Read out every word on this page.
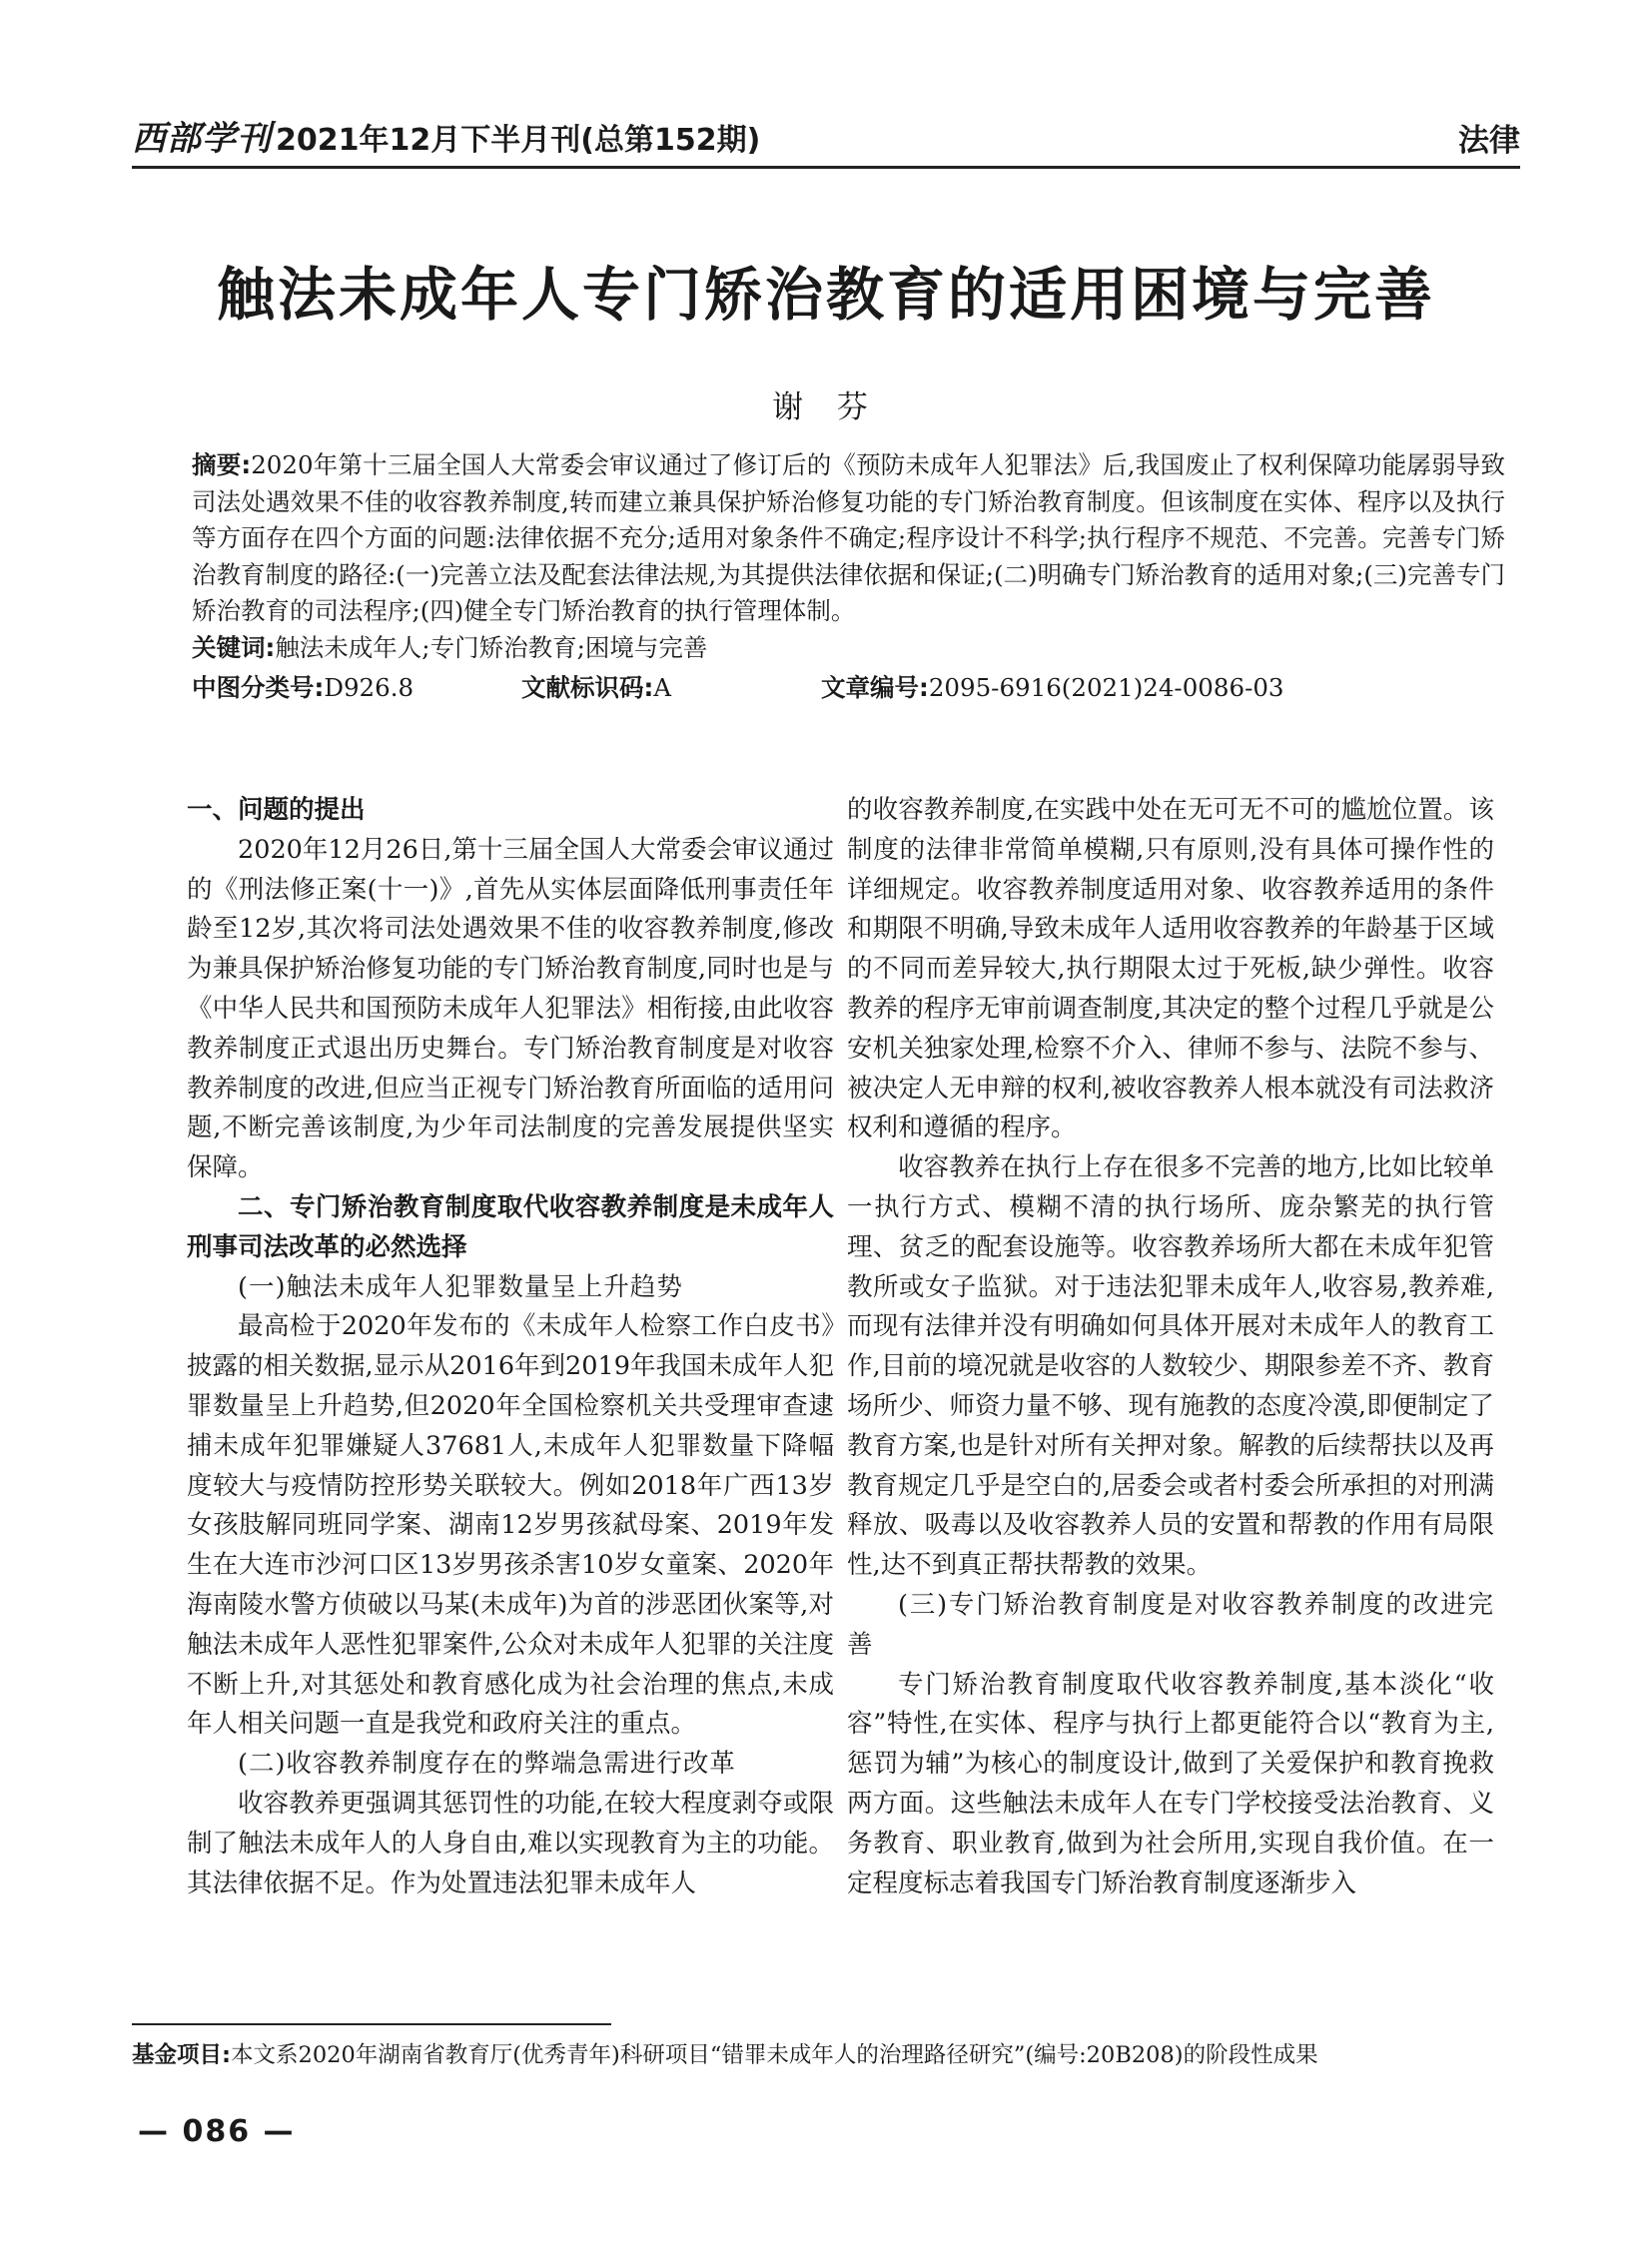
西部学刊 2021年12月下半月刊(总第152期)	法律
触法未成年人专门矫治教育的适用困境与完善
谢 芬

摘要:2020年第十三届全国人大常委会审议通过了修订后的《预防未成年人犯罪法》后,我国废止了权利保障功能孱弱导致司法处遇效果不佳的收容教养制度,转而建立兼具保护矫治修复功能的专门矫治教育制度。但该制度在实体、程序以及执行等方面存在四个方面的问题:法律依据不充分;适用对象条件不确定;程序设计不科学;执行程序不规范、不完善。完善专门矫治教育制度的路径:(一)完善立法及配套法律法规,为其提供法律依据和保证;(二)明确专门矫治教育的适用对象;(三)完善专门矫治教育的司法程序;(四)健全专门矫治教育的执行管理体制。

关键词:触法未成年人;专门矫治教育;困境与完善

中图分类号:D926.8	文献标识码:A	文章编号:2095-6916(2021)24-0086-03

一、问题的提出

2020年12月26日,第十三届全国人大常委会审议通过的《刑法修正案(十一)》,首先从实体层面降低刑事责任年龄至12岁,其次将司法处遇效果不佳的收容教养制度,修改为兼具保护矫治修复功能的专门矫治教育制度,同时也是与《中华人民共和国预防未成年人犯罪法》相衔接,由此收容教养制度正式退出历史舞台。专门矫治教育制度是对收容教养制度的改进,但应当正视专门矫治教育所面临的适用问题,不断完善该制度,为少年司法制度的完善发展提供坚实保障。

二、专门矫治教育制度取代收容教养制度是未成年人刑事司法改革的必然选择

(一)触法未成年人犯罪数量呈上升趋势

最高检于2020年发布的《未成年人检察工作白皮书》披露的相关数据,显示从2016年到2019年我国未成年人犯罪数量呈上升趋势,但2020年全国检察机关共受理审查逮捕未成年犯罪嫌疑人37681人,未成年人犯罪数量下降幅度较大与疫情防控形势关联较大。例如2018年广西13岁女孩肢解同班同学案、湖南12岁男孩弑母案、2019年发生在大连市沙河口区13岁男孩杀害10岁女童案、2020年海南陵水警方侦破以马某(未成年)为首的涉恶团伙案等,对触法未成年人恶性犯罪案件,公众对未成年人犯罪的关注度不断上升,对其惩处和教育感化成为社会治理的焦点,未成年人相关问题一直是我党和政府关注的重点。

(二)收容教养制度存在的弊端急需进行改革

收容教养更强调其惩罚性的功能,在较大程度剥夺或限制了触法未成年人的人身自由,难以实现教育为主的功能。其法律依据不足。作为处置违法犯罪未成年人

的收容教养制度,在实践中处在无可无不可的尴尬位置。该制度的法律非常简单模糊,只有原则,没有具体可操作性的详细规定。收容教养制度适用对象、收容教养适用的条件和期限不明确,导致未成年人适用收容教养的年龄基于区域的不同而差异较大,执行期限太过于死板,缺少弹性。收容教养的程序无审前调查制度,其决定的整个过程几乎就是公安机关独家处理,检察不介入、律师不参与、法院不参与、被决定人无申辩的权利,被收容教养人根本就没有司法救济权利和遵循的程序。

收容教养在执行上存在很多不完善的地方,比如比较单一执行方式、模糊不清的执行场所、庞杂繁芜的执行管理、贫乏的配套设施等。收容教养场所大都在未成年犯管教所或女子监狱。对于违法犯罪未成年人,收容易,教养难,而现有法律并没有明确如何具体开展对未成年人的教育工作,目前的境况就是收容的人数较少、期限参差不齐、教育场所少、师资力量不够、现有施教的态度冷漠,即便制定了教育方案,也是针对所有关押对象。解教的后续帮扶以及再教育规定几乎是空白的,居委会或者村委会所承担的对刑满释放、吸毒以及收容教养人员的安置和帮教的作用有局限性,达不到真正帮扶帮教的效果。

(三)专门矫治教育制度是对收容教养制度的改进完善

专门矫治教育制度取代收容教养制度,基本淡化“收容”特性,在实体、程序与执行上都更能符合以“教育为主,惩罚为辅”为核心的制度设计,做到了关爱保护和教育挽救两方面。这些触法未成年人在专门学校接受法治教育、义务教育、职业教育,做到为社会所用,实现自我价值。在一定程度标志着我国专门矫治教育制度逐渐步入

基金项目:本文系2020年湖南省教育厅(优秀青年)科研项目“错罪未成年人的治理路径研究”(编号:20B208)的阶段性成果
— 086 —
